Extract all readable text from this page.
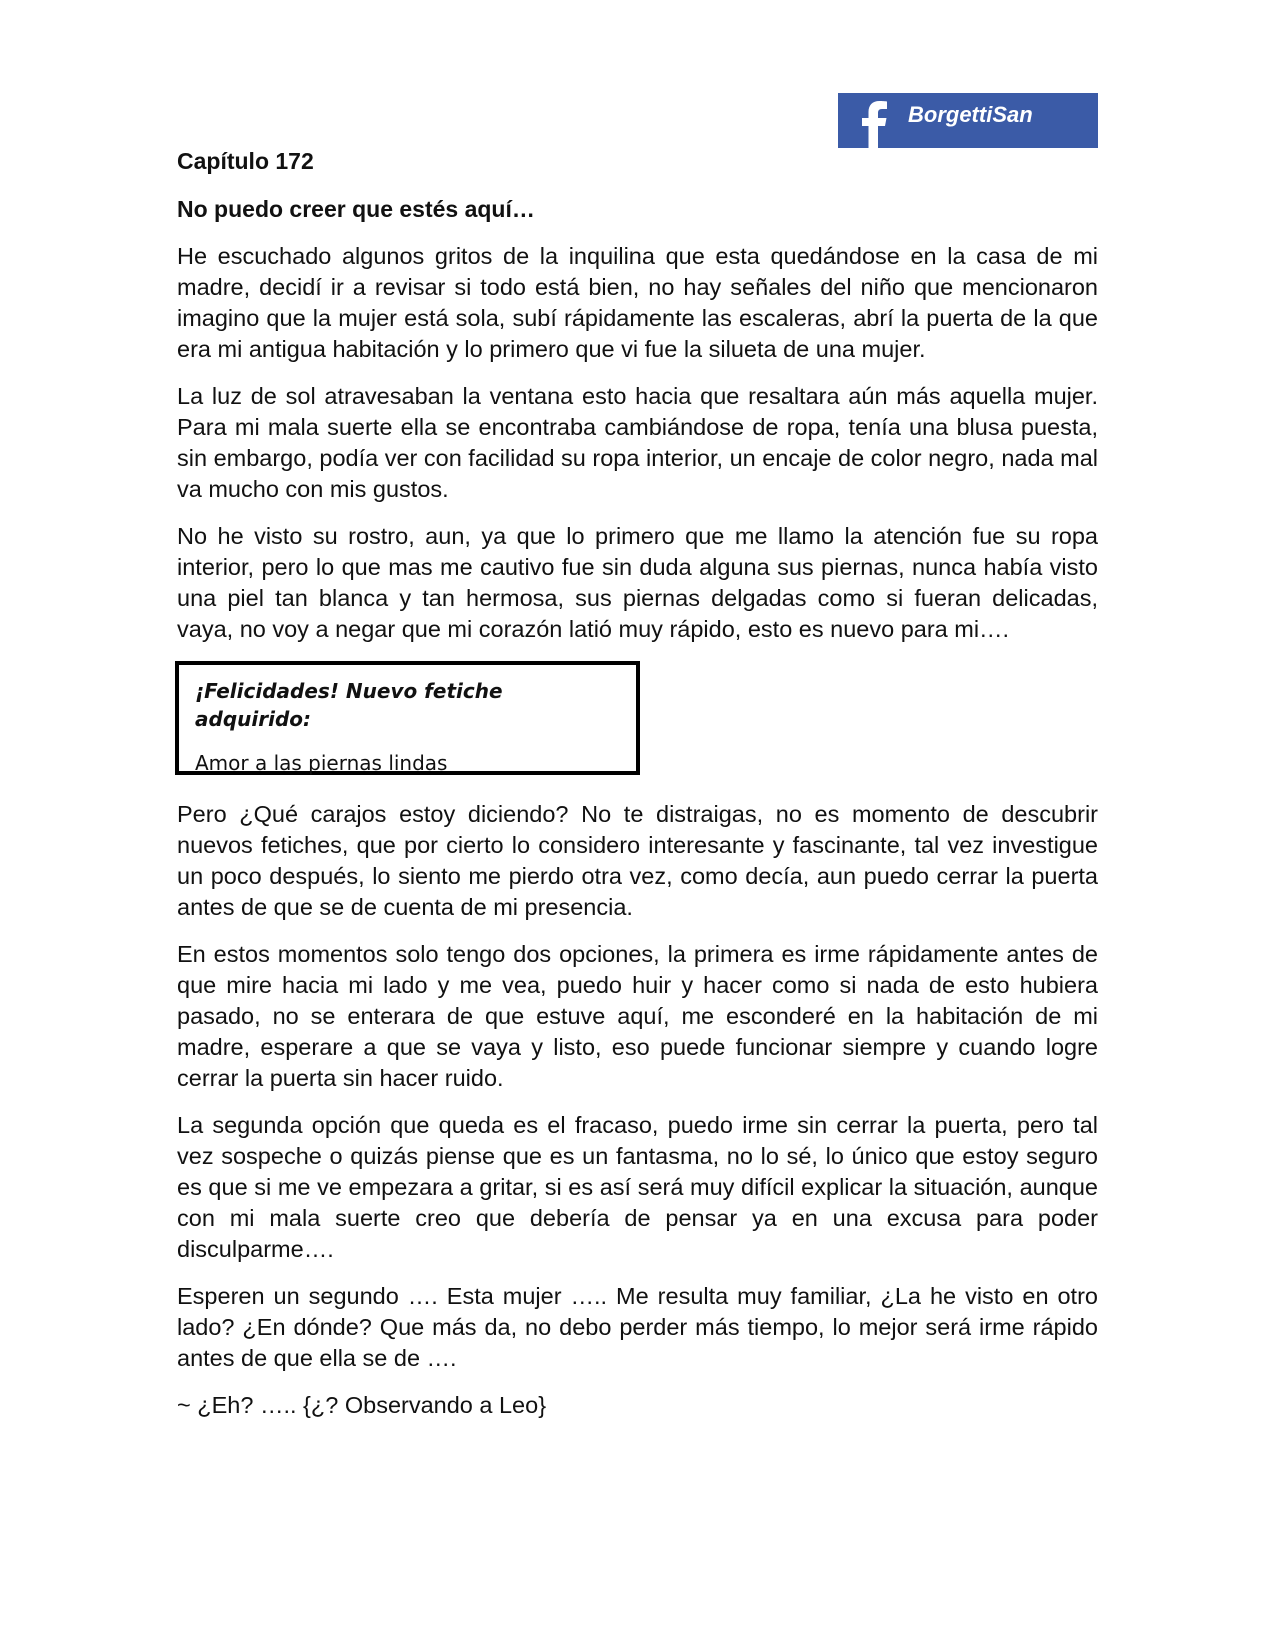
BorgettiSan
Capítulo 172
No puedo creer que estés aquí…

He escuchado algunos gritos de la inquilina que esta quedándose en la casa de mi madre, decidí ir a revisar si todo está bien, no hay señales del niño que mencionaron imagino que la mujer está sola, subí rápidamente las escaleras, abrí la puerta de la que era mi antigua habitación y lo primero que vi fue la silueta de una mujer.

La luz de sol atravesaban la ventana esto hacia que resaltara aún más aquella mujer. Para mi mala suerte ella se encontraba cambiándose de ropa, tenía una blusa puesta, sin embargo, podía ver con facilidad su ropa interior, un encaje de color negro, nada mal va mucho con mis gustos.

No he visto su rostro, aun, ya que lo primero que me llamo la atención fue su ropa interior, pero lo que mas me cautivo fue sin duda alguna sus piernas, nunca había visto una piel tan blanca y tan hermosa, sus piernas delgadas como si fueran delicadas, vaya, no voy a negar que mi corazón latió muy rápido, esto es nuevo para mi….

¡Felicidades! Nuevo fetiche adquirido:

Amor a las piernas lindas

Pero ¿Qué carajos estoy diciendo? No te distraigas, no es momento de descubrir nuevos fetiches, que por cierto lo considero interesante y fascinante, tal vez investigue un poco después, lo siento me pierdo otra vez, como decía, aun puedo cerrar la puerta antes de que se de cuenta de mi presencia.

En estos momentos solo tengo dos opciones, la primera es irme rápidamente antes de que mire hacia mi lado y me vea, puedo huir y hacer como si nada de esto hubiera pasado, no se enterara de que estuve aquí, me esconderé en la habitación de mi madre, esperare a que se vaya y listo, eso puede funcionar siempre y cuando logre cerrar la puerta sin hacer ruido.

La segunda opción que queda es el fracaso, puedo irme sin cerrar la puerta, pero tal vez sospeche o quizás piense que es un fantasma, no lo sé, lo único que estoy seguro es que si me ve empezara a gritar, si es así será muy difícil explicar la situación, aunque con mi mala suerte creo que debería de pensar ya en una excusa para poder disculparme….

Esperen un segundo …. Esta mujer ….. Me resulta muy familiar, ¿La he visto en otro lado? ¿En dónde? Que más da, no debo perder más tiempo, lo mejor será irme rápido antes de que ella se de ….

~ ¿Eh? ….. {¿? Observando a Leo}
